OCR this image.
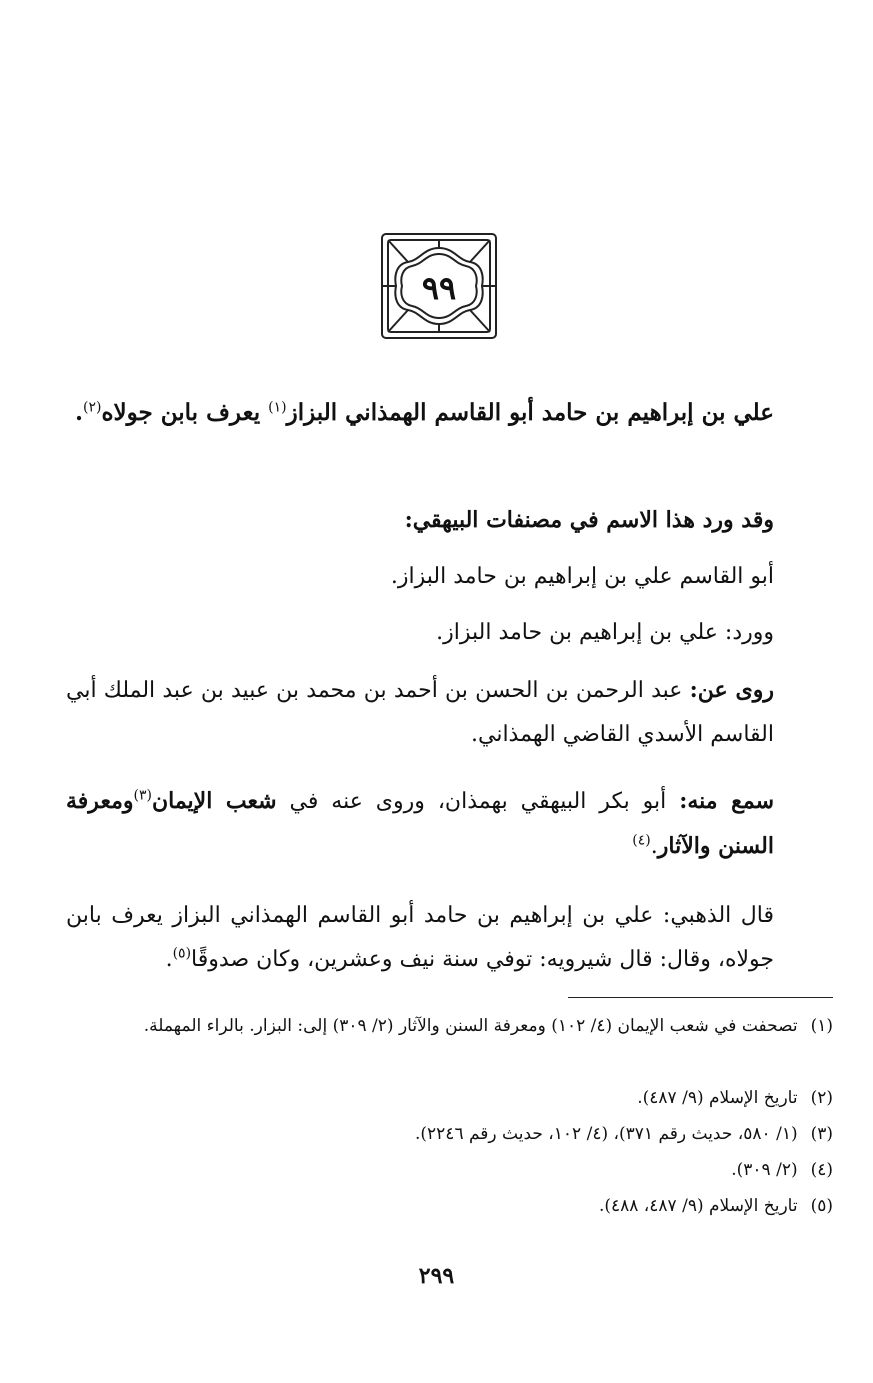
٩٩
علي بن إبراهيم بن حامد أبو القاسم الهمذاني البزاز$^{(١)}$ يعرف بابن جولاه$^{(٢)}$.
وقد ورد هذا الاسم في مصنفات البيهقي:
أبو القاسم علي بن إبراهيم بن حامد البزاز.
وورد: علي بن إبراهيم بن حامد البزاز.
روى عن: عبد الرحمن بن الحسن بن أحمد بن محمد بن عبيد بن عبد الملك أبي القاسم الأسدي القاضي الهمذاني.
سمع منه: أبو بكر البيهقي بهمذان، وروى عنه في شعب الإيمان$^{(٣)}$ومعرفة السنن والآثار.$^{(٤)}$
قال الذهبي: علي بن إبراهيم بن حامد أبو القاسم الهمذاني البزاز يعرف بابن جولاه، وقال: قال شيرويه: توفي سنة نيف وعشرين، وكان صدوقًا$^{(٥)}$.
(١) تصحفت في شعب الإيمان (٤/ ١٠٢) ومعرفة السنن والآثار (٢/ ٣٠٩) إلى: البزار. بالراء المهملة.
(٢) تاريخ الإسلام (٩/ ٤٨٧).
(٣) (١/ ٥٨٠، حديث رقم ٣٧١)، (٤/ ١٠٢، حديث رقم ٢٢٤٦).
(٤) (٢/ ٣٠٩).
(٥) تاريخ الإسلام (٩/ ٤٨٧، ٤٨٨).
٢٩٩
